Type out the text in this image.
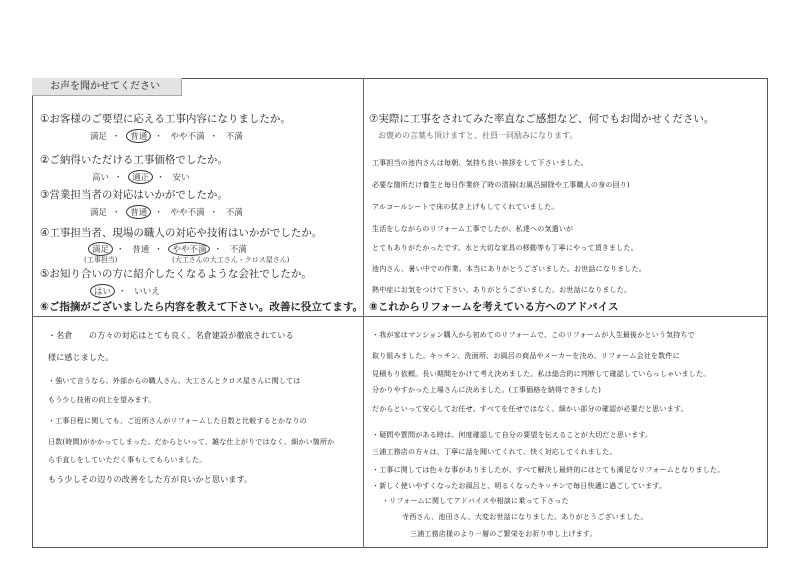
お声を聞かせてください
①お客様のご要望に応える工事内容になりましたか。
満足 ・ 普通 ・ やや不満 ・ 不満
②ご納得いただける工事価格でしたか。
高い ・ 適正 ・ 安い
③営業担当者の対応はいかがでしたか。
満足 ・ 普通 ・ やや不満 ・ 不満
④工事担当者、現場の職人の対応や技術はいかがでしたか。
満足 ・ 普通 ・ やや不満 ・ 不満
(工事担当)	(大工さんの大工さん・クロス屋さん)
⑤お知り合いの方に紹介したくなるような会社でしたか。
はい ・ いいえ
⑥ご指摘がございましたら内容を教えて下さい。改善に役立てます。
・名倉　　の方々の対応はとても良く、名倉建設が徹底されている
様に感じました。
・強いて言うなら、外部からの職人さん、大工さんとクロス屋さんに関しては
もう少し技術の向上を望みます。
・工事日程に関しても、ご近所さんがリフォームした日数と比較するとかなりの
日数(時間)がかかってしまった。だからといって、雑な仕上がりではなく、細かい箇所か
ら手直しをしていただく事もしてもらいました。
もう少しその辺りの改善をした方が良いかと思います。
⑦実際に工事をされてみた率直なご感想など、何でもお聞かせください。
お褒めの言葉も頂けますと、社員一同励みになります。
工事担当の池内さんは毎朝、気持ち良い挨拶をして下さいました。
必要な箇所だけ養生と毎日作業終了時の清掃(お風呂掃除や工事職人の身の回り)
アルコールシートで床の拭き上げもしてくれていました。
生活をしながらのリフォーム工事でしたが、私達への気遣いが
とてもありがたかったです。水と大切な家具の移動等も丁寧にやって頂きました。
池内さん、暑い中での作業、本当にありがとうございました。お世話になりました。
熱中症にお気をつけて下さい。ありがとうございました。お世話になりました。
⑧これからリフォームを考えている方へのアドバイス
・我が家はマンション購入から初めてのリフォームで、このリフォームが人生最後かという気持ちで
取り組みました。キッチン、洗面所、お風呂の商品やメーカーを決め、リフォーム会社を数件に
見積もり依頼。長い期間をかけて考え決めました。私は総合的に判断して確認していらっしゃいました。
分かりやすかった上場さんに決めました。(工事価格を納得できました)
だからといって安心してお任せ。すべてを任せではなく、細かい部分の確認が必要だと思います。
・疑問や質問がある時は、何度確認して自分の要望を伝えることが大切だと思います。
三浦工務店の方々は、丁寧に話を聞いてくれて、快く対応してくれました。
・工事に関しては色々な事がありましたが、すべて解決し最終的にはとても満足なリフォームとなりました。
・新しく使いやすくなったお風呂と、明るくなったキッチンで毎日快適に過ごしています。
・リフォームに関してアドバイスや相談に乗って下さった
寺西さん、池田さん、大変お世話になりました。ありがとうございました。
三浦工務店様のより一層のご繁栄をお祈り申し上げます。
